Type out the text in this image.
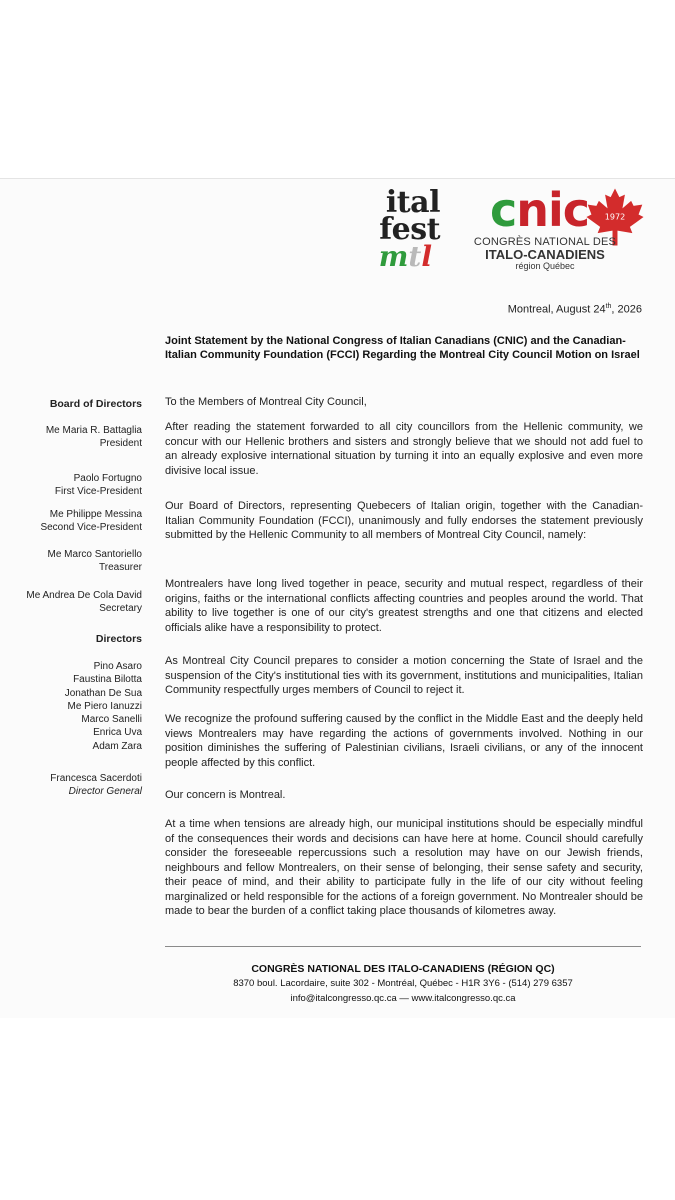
ital
fest
mtl
cnic 1972
CONGRÈS NATIONAL DES
ITALO-CANADIENS
région Québec
Montreal, August 24th, 2026
Joint Statement by the National Congress of Italian Canadians (CNIC) and the Canadian-Italian Community Foundation (FCCI) Regarding the Montreal City Council Motion on Israel
Board of Directors
Me Maria R. Battaglia
President
Paolo Fortugno
First Vice-President
Me Philippe Messina
Second Vice-President
Me Marco Santoriello
Treasurer
Me Andrea De Cola David
Secretary
Directors
Pino Asaro
Faustina Bilotta
Jonathan De Sua
Me Piero Ianuzzi
Marco Sanelli
Enrica Uva
Adam Zara
Francesca Sacerdoti
Director General
To the Members of Montreal City Council,

After reading the statement forwarded to all city councillors from the Hellenic community, we concur with our Hellenic brothers and sisters and strongly believe that we should not add fuel to an already explosive international situation by turning it into an equally explosive and even more divisive local issue.

Our Board of Directors, representing Quebecers of Italian origin, together with the Canadian-Italian Community Foundation (FCCI), unanimously and fully endorses the statement previously submitted by the Hellenic Community to all members of Montreal City Council, namely:

Montrealers have long lived together in peace, security and mutual respect, regardless of their origins, faiths or the international conflicts affecting countries and peoples around the world. That ability to live together is one of our city's greatest strengths and one that citizens and elected officials alike have a responsibility to protect.

As Montreal City Council prepares to consider a motion concerning the State of Israel and the suspension of the City's institutional ties with its government, institutions and municipalities, Italian Community respectfully urges members of Council to reject it.

We recognize the profound suffering caused by the conflict in the Middle East and the deeply held views Montrealers may have regarding the actions of governments involved. Nothing in our position diminishes the suffering of Palestinian civilians, Israeli civilians, or any of the innocent people affected by this conflict.

Our concern is Montreal.

At a time when tensions are already high, our municipal institutions should be especially mindful of the consequences their words and decisions can have here at home. Council should carefully consider the foreseeable repercussions such a resolution may have on our Jewish friends, neighbours and fellow Montrealers, on their sense of belonging, their sense safety and security, their peace of mind, and their ability to participate fully in the life of our city without feeling marginalized or held responsible for the actions of a foreign government. No Montrealer should be made to bear the burden of a conflict taking place thousands of kilometres away.

CONGRÈS NATIONAL DES ITALO-CANADIENS (RÉGION QC)
8370 boul. Lacordaire, suite 302 - Montréal, Québec - H1R 3Y6 - (514) 279 6357
info@italcongresso.qc.ca — www.italcongresso.qc.ca
